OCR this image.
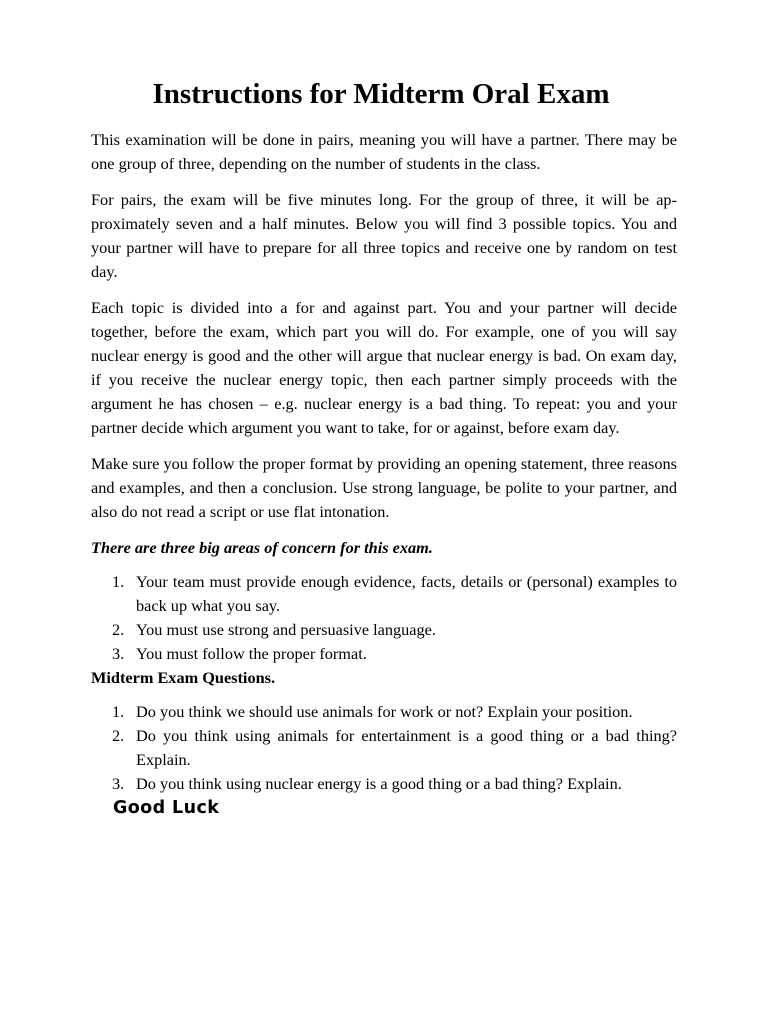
Instructions for Midterm Oral Exam

This examination will be done in pairs, meaning you will have a partner. There may be one group of three, depending on the number of students in the class.

For pairs, the exam will be five minutes long. For the group of three, it will be approximately seven and a half minutes. Below you will find 3 possible topics. You and your partner will have to prepare for all three topics and receive one by random on test day.

Each topic is divided into a for and against part. You and your partner will decide together, before the exam, which part you will do. For example, one of you will say nuclear energy is good and the other will argue that nuclear energy is bad. On exam day, if you receive the nuclear energy topic, then each partner simply proceeds with the argument he has chosen – e.g. nuclear energy is a bad thing. To repeat: you and your partner decide which argument you want to take, for or against, before exam day.

Make sure you follow the proper format by providing an opening statement, three reasons and examples, and then a conclusion. Use strong language, be polite to your partner, and also do not read a script or use flat intonation.

There are three big areas of concern for this exam.

1. Your team must provide enough evidence, facts, details or (personal) examples to back up what you say.
2. You must use strong and persuasive language.
3. You must follow the proper format.
Midterm Exam Questions.
1. Do you think we should use animals for work or not? Explain your position.
2. Do you think using animals for entertainment is a good thing or a bad thing? Explain.
3. Do you think using nuclear energy is a good thing or a bad thing? Explain.
Good Luck
